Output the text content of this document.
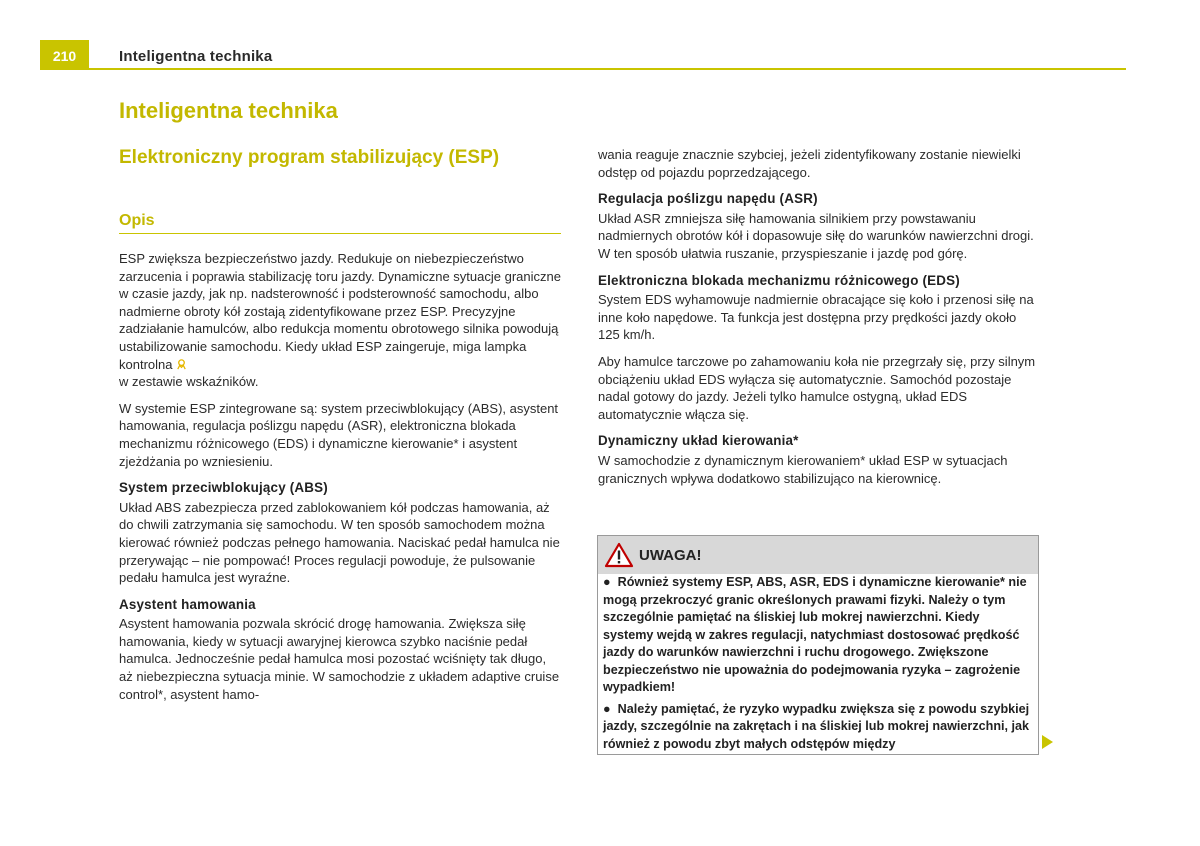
210	Inteligentna technika
Inteligentna technika
Elektroniczny program stabilizujący (ESP)
Opis

ESP zwiększa bezpieczeństwo jazdy. Redukuje on niebezpieczeństwo zarzucenia i poprawia stabilizację toru jazdy. Dynamiczne sytuacje graniczne w czasie jazdy, jak np. nadsterowność i podsterowność samochodu, albo nadmierne obroty kół zostają zidentyfikowane przez ESP. Precyzyjne zadziałanie hamulców, albo redukcja momentu obrotowego silnika powodują ustabilizowanie samochodu. Kiedy układ ESP zaingeruje, miga lampka kontrolna
w zestawie wskaźników.

W systemie ESP zintegrowane są: system przeciwblokujący (ABS), asystent hamowania, regulacja poślizgu napędu (ASR), elektroniczna blokada mechanizmu różnicowego (EDS) i dynamiczne kierowanie* i asystent zjeżdżania po wzniesieniu.

System przeciwblokujący (ABS)

Układ ABS zabezpiecza przed zablokowaniem kół podczas hamowania, aż do chwili zatrzymania się samochodu. W ten sposób samochodem można kierować również podczas pełnego hamowania. Naciskać pedał hamulca nie przerywając – nie pompować! Proces regulacji powoduje, że pulsowanie pedału hamulca jest wyraźne.

Asystent hamowania

Asystent hamowania pozwala skrócić drogę hamowania. Zwiększa siłę hamowania, kiedy w sytuacji awaryjnej kierowca szybko naciśnie pedał hamulca. Jednocześnie pedał hamulca mosi pozostać wciśnięty tak długo, aż niebezpieczna sytuacja minie. W samochodzie z układem adaptive cruise control*, asystent hamo-

wania reaguje znacznie szybciej, jeżeli zidentyfikowany zostanie niewielki odstęp od pojazdu poprzedzającego.

Regulacja poślizgu napędu (ASR)

Układ ASR zmniejsza siłę hamowania silnikiem przy powstawaniu nadmiernych obrotów kół i dopasowuje siłę do warunków nawierzchni drogi. W ten sposób ułatwia ruszanie, przyspieszanie i jazdę pod górę.

Elektroniczna blokada mechanizmu różnicowego (EDS)

System EDS wyhamowuje nadmiernie obracające się koło i przenosi siłę na inne koło napędowe. Ta funkcja jest dostępna przy prędkości jazdy około 125 km/h.

Aby hamulce tarczowe po zahamowaniu koła nie przegrzały się, przy silnym obciążeniu układ EDS wyłącza się automatycznie. Samochód pozostaje nadal gotowy do jazdy. Jeżeli tylko hamulce ostygną, układ EDS automatycznie włącza się.

Dynamiczny układ kierowania*

W samochodzie z dynamicznym kierowaniem* układ ESP w sytuacjach granicznych wpływa dodatkowo stabilizująco na kierownicę.

UWAGA!

●  Również systemy ESP, ABS, ASR, EDS i dynamiczne kierowanie* nie mogą przekroczyć granic określonych prawami fizyki. Należy o tym szczególnie pamiętać na śliskiej lub mokrej nawierzchni. Kiedy systemy wejdą w zakres regulacji, natychmiast dostosować prędkość jazdy do warunków nawierzchni i ruchu drogowego. Zwiększone bezpieczeństwo nie upoważnia do podejmowania ryzyka – zagrożenie wypadkiem!

●  Należy pamiętać, że ryzyko wypadku zwiększa się z powodu szybkiej jazdy, szczególnie na zakrętach i na śliskiej lub mokrej nawierzchni, jak również z powodu zbyt małych odstępów między
